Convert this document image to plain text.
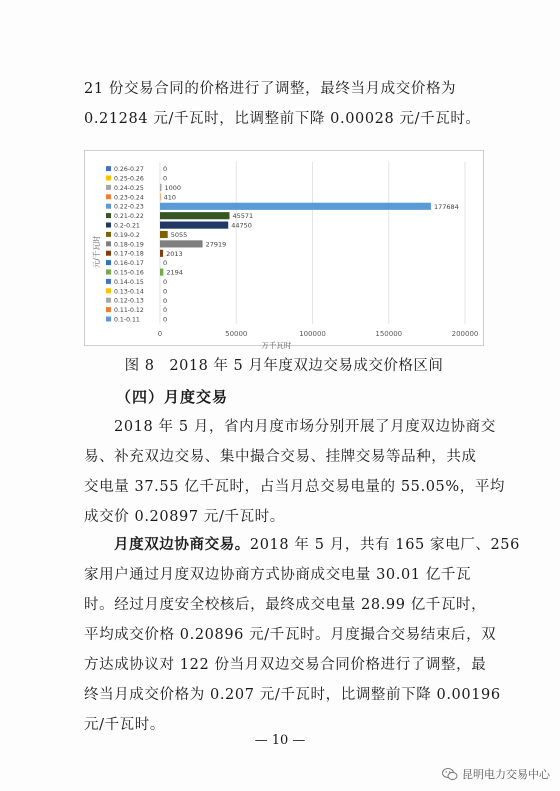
21 份交易合同的价格进行了调整，最终当月成交价格为
0.21284 元/千瓦时，比调整前下降 0.00028 元/千瓦时。
0	50000	100000	150000	200000
万千瓦时
元/千瓦时
0.26-0.27	0
0.25-0.26	0
0.24-0.25	1000
0.23-0.24	410
0.22-0.23	177684
0.21-0.22	45571
0.2-0.21	44750
0.19-0.2	5055
0.18-0.19	27919
0.17-0.18	2013
0.16-0.17	0
0.15-0.16	2194
0.14-0.15	0
0.13-0.14	0
0.12-0.13	0
0.11-0.12	0
0.1-0.11	0
图 8　2018 年 5 月年度双边交易成交价格区间
（四）月度交易
2018 年 5 月，省内月度市场分别开展了月度双边协商交
易、补充双边交易、集中撮合交易、挂牌交易等品种，共成
交电量 37.55 亿千瓦时，占当月总交易电量的 55.05%，平均
成交价 0.20897 元/千瓦时。
月度双边协商交易。2018 年 5 月，共有 165 家电厂、256
家用户通过月度双边协商方式协商成交电量 30.01 亿千瓦
时。经过月度安全校核后，最终成交电量 28.99 亿千瓦时，
平均成交价格 0.20896 元/千瓦时。月度撮合交易结束后，双
方达成协议对 122 份当月双边交易合同价格进行了调整，最
终当月成交价格为 0.207 元/千瓦时，比调整前下降 0.00196
元/千瓦时。
— 10 —
昆明电力交易中心
